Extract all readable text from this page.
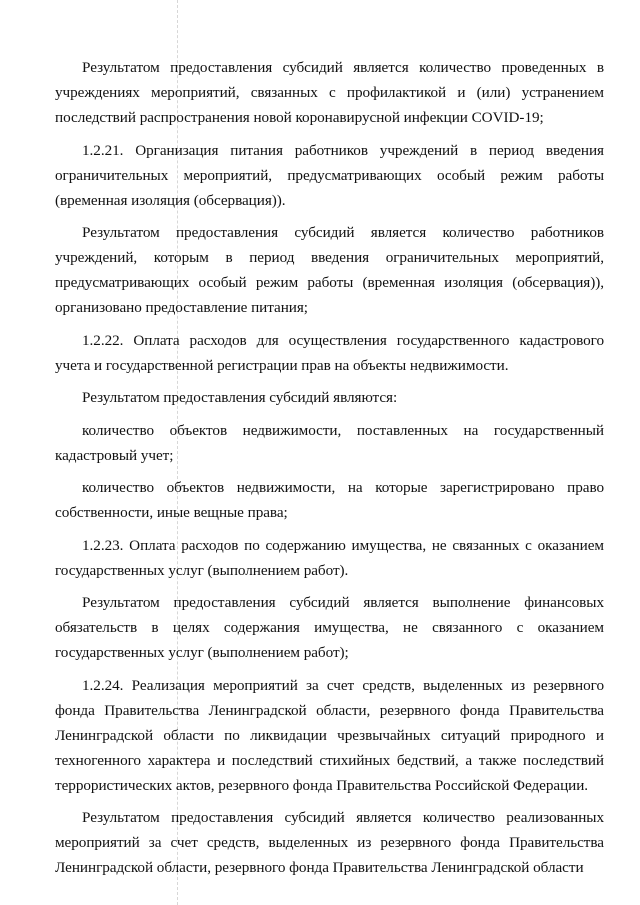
Результатом предоставления субсидий является количество проведенных в учреждениях мероприятий, связанных с профилактикой и (или) устранением последствий распространения новой коронавирусной инфекции COVID-19;

1.2.21. Организация питания работников учреждений в период введения ограничительных мероприятий, предусматривающих особый режим работы (временная изоляция (обсервация)).

Результатом предоставления субсидий является количество работников учреждений, которым в период введения ограничительных мероприятий, предусматривающих особый режим работы (временная изоляция (обсервация)), организовано предоставление питания;

1.2.22. Оплата расходов для осуществления государственного кадастрового учета и государственной регистрации прав на объекты недвижимости.

Результатом предоставления субсидий являются:

количество объектов недвижимости, поставленных на государственный кадастровый учет;

количество объектов недвижимости, на которые зарегистрировано право собственности, иные вещные права;

1.2.23. Оплата расходов по содержанию имущества, не связанных с оказанием государственных услуг (выполнением работ).

Результатом предоставления субсидий является выполнение финансовых обязательств в целях содержания имущества, не связанного с оказанием государственных услуг (выполнением работ);

1.2.24. Реализация мероприятий за счет средств, выделенных из резервного фонда Правительства Ленинградской области, резервного фонда Правительства Ленинградской области по ликвидации чрезвычайных ситуаций природного и техногенного характера и последствий стихийных бедствий, а также последствий террористических актов, резервного фонда Правительства Российской Федерации.

Результатом предоставления субсидий является количество реализованных мероприятий за счет средств, выделенных из резервного фонда Правительства Ленинградской области, резервного фонда Правительства Ленинградской области
